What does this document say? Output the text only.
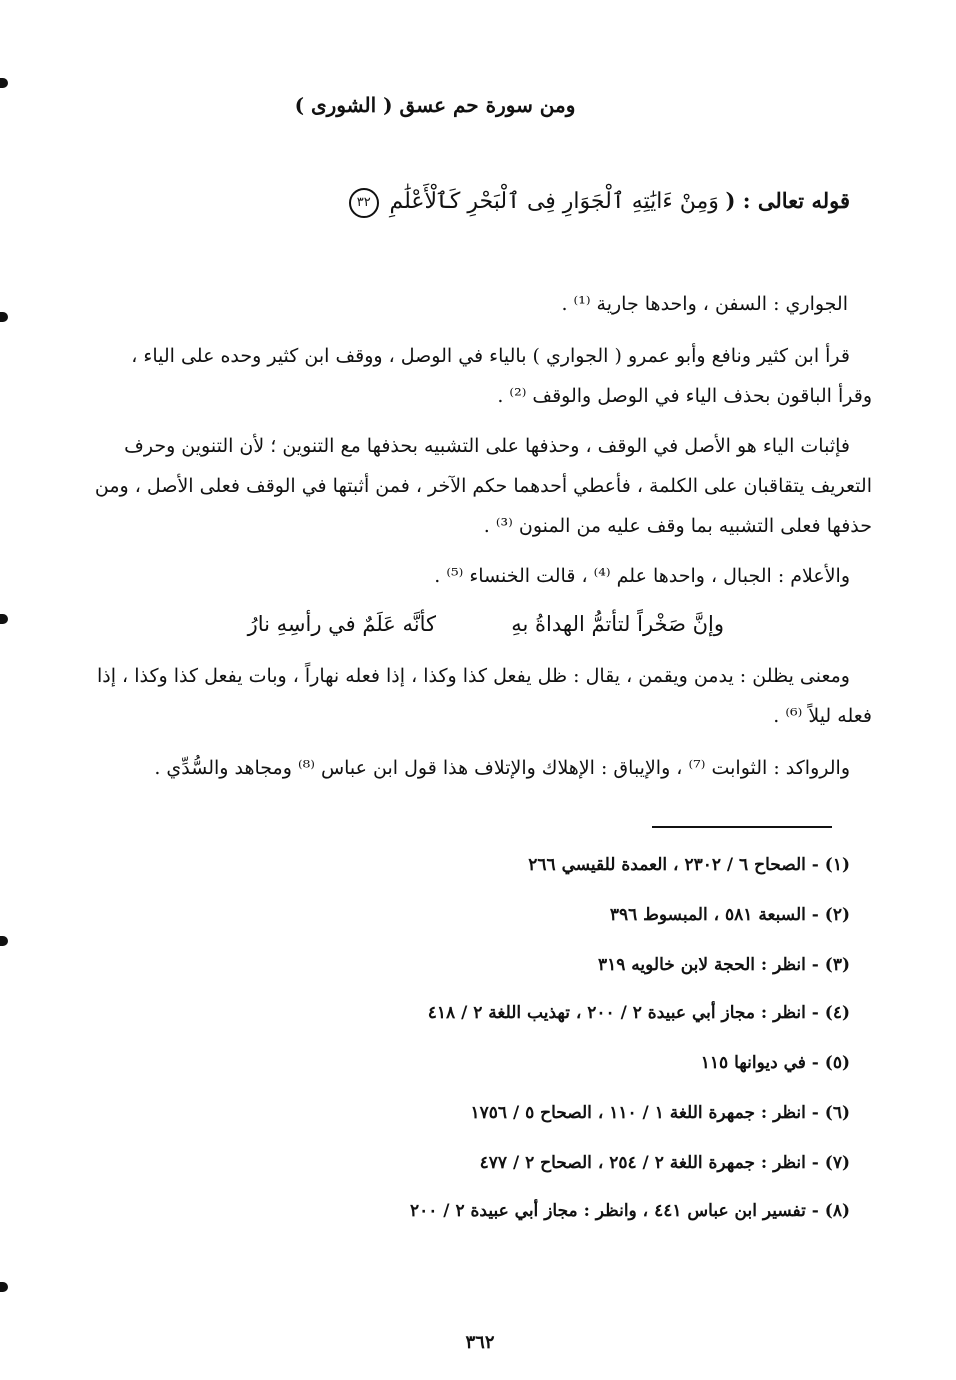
ومن سورة حم عسق ( الشورى )
قوله تعالى : ( وَمِنْ ءَايَٰتِهِ ٱلْجَوَارِ فِى ٱلْبَحْرِ كَٱلْأَعْلَٰمِ ٣٢
الجواري : السفن ، واحدها جارية ⁽¹⁾ .
قرأ ابن كثير ونافع وأبو عمرو ( الجواري ) بالياء في الوصل ، ووقف ابن كثير وحده على الياء ،
وقرأ الباقون بحذف الياء في الوصل والوقف ⁽²⁾ .
فإثبات الياء هو الأصل في الوقف ، وحذفها على التشبيه بحذفها مع التنوين ؛ لأن التنوين وحرف
التعريف يتقاقبان على الكلمة ، فأعطي أحدهما حكم الآخر ، فمن أثبتها في الوقف فعلى الأصل ، ومن
حذفها فعلى التشبيه بما وقف عليه من المنون ⁽³⁾ .
والأعلام : الجبال ، واحدها علم ⁽⁴⁾ ، قالت الخنساء ⁽⁵⁾ .
وإنَّ صَخْراً لتأتمُّ الهداةُ بهِ
كأنَّه عَلَمٌ في رأسِهِ نارُ
ومعنى يظلن : يدمن ويقمن ، يقال : ظل يفعل كذا وكذا ، إذا فعله نهاراً ، وبات يفعل كذا وكذا ، إذا
فعله ليلاً ⁽⁶⁾ .
والرواكد : الثوابت ⁽⁷⁾ ، والإيباق : الإهلاك والإتلاف هذا قول ابن عباس ⁽⁸⁾ ومجاهد والسُّدِّي .
(١) - الصحاح ٦ / ٢٣٠٢ ، العمدة للقيسي ٢٦٦
(٢) - السبعة ٥٨١ ، المبسوط ٣٩٦
(٣) - انظر : الحجة لابن خالويه ٣١٩
(٤) - انظر : مجاز أبي عبيدة ٢ / ٢٠٠ ، تهذيب اللغة ٢ / ٤١٨
(٥) - في ديوانها ١١٥
(٦) - انظر : جمهرة اللغة ١ / ١١٠ ، الصحاح ٥ / ١٧٥٦
(٧) - انظر : جمهرة اللغة ٢ / ٢٥٤ ، الصحاح ٢ / ٤٧٧
(٨) - تفسير ابن عباس ٤٤١ ، وانظر : مجاز أبي عبيدة ٢ / ٢٠٠
٣٦٢
